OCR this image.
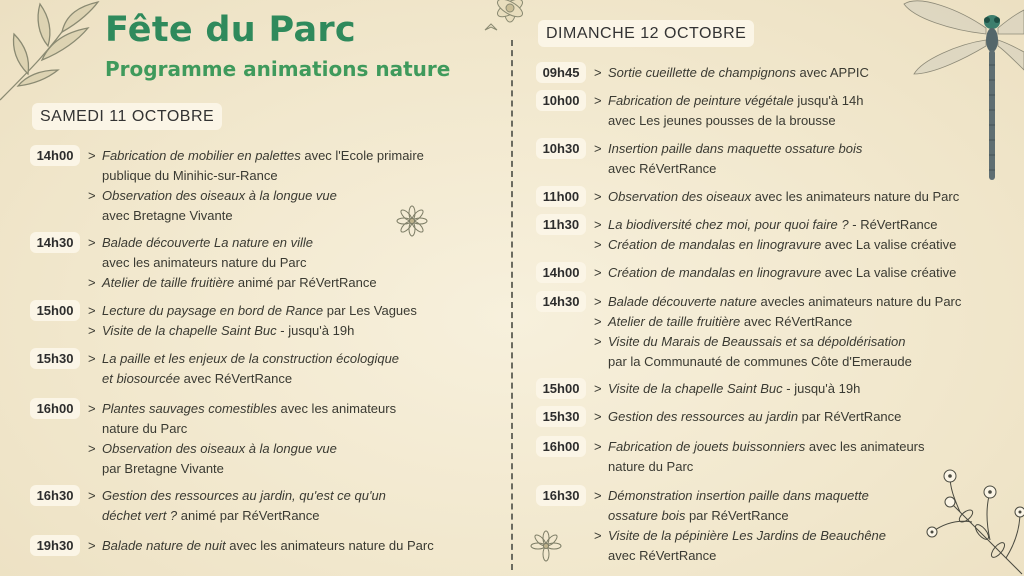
Fête du Parc
Programme animations nature
SAMEDI 11 OCTOBRE
DIMANCHE 12 OCTOBRE
14h00	> Fabrication de mobilier en palettes avec l'Ecole primaire
publique du Minihic-sur-Rance
> Observation des oiseaux à la longue vue
avec Bretagne Vivante
14h30	> Balade découverte La nature en ville
avec les animateurs nature du Parc
> Atelier de taille fruitière animé par RéVertRance
15h00	> Lecture du paysage en bord de Rance par Les Vagues
> Visite de la chapelle Saint Buc - jusqu'à 19h
15h30	> La paille et les enjeux de la construction écologique
et biosourcée avec RéVertRance
16h00	> Plantes sauvages comestibles avec les animateurs
nature du Parc
> Observation des oiseaux à la longue vue
par Bretagne Vivante
16h30	> Gestion des ressources au jardin, qu'est ce qu'un
déchet vert ? animé par RéVertRance
19h30	> Balade nature de nuit avec les animateurs nature du Parc
09h45	> Sortie cueillette de champignons avec APPIC
10h00	> Fabrication de peinture végétale jusqu'à 14h
avec Les jeunes pousses de la brousse
10h30	> Insertion paille dans maquette ossature bois
avec RéVertRance
11h00	> Observation des oiseaux avec les animateurs nature du Parc
11h30	> La biodiversité chez moi, pour quoi faire ? - RéVertRance
> Création de mandalas en linogravure avec La valise créative
14h00	> Création de mandalas en linogravure avec La valise créative
14h30	> Balade découverte nature avecles animateurs nature du Parc
> Atelier de taille fruitière avec RéVertRance
> Visite du Marais de Beaussais et sa dépoldérisation
par la Communauté de communes Côte d'Emeraude
15h00	> Visite de la chapelle Saint Buc - jusqu'à 19h
15h30	> Gestion des ressources au jardin par RéVertRance
16h00	> Fabrication de jouets buissonniers avec les animateurs
nature du Parc
16h30	> Démonstration insertion paille dans maquette
ossature bois par RéVertRance
> Visite de la pépinière Les Jardins de Beauchêne
avec RéVertRance
